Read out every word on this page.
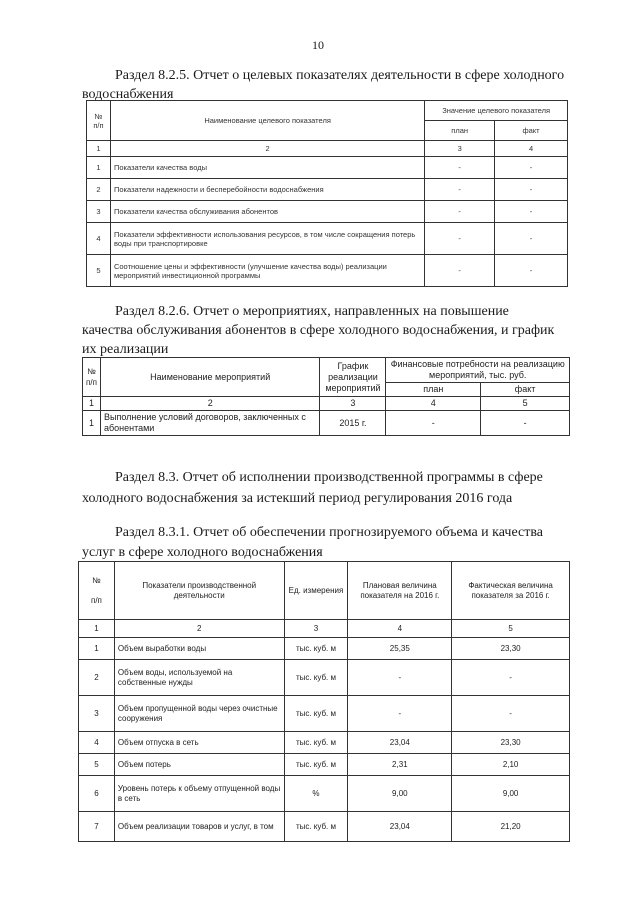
10
Раздел 8.2.5. Отчет о целевых показателях деятельности в сфере холодного
водоснабжения
№
п/п	Наименование целевого показателя	Значение целевого показателя	
		план	факт
1	2	3	4
1	Показатели качества воды	-	-
2	Показатели надежности и бесперебойности водоснабжения	-	-
3	Показатели качества обслуживания абонентов	-	-
4	Показатели эффективности использования ресурсов, в том числе сокращения потерь воды при транспортировке	-	-
5	Соотношение цены и эффективности (улучшение качества воды) реализации мероприятий инвестиционной программы	-	-
Раздел 8.2.6. Отчет о мероприятиях, направленных на повышение
качества обслуживания абонентов в сфере холодного водоснабжения, и график
их реализации
№
п/п	Наименование мероприятий	График
реализации
мероприятий	Финансовые потребности на реализацию
мероприятий, тыс. руб.	
			план	факт
1	2	3	4	5
1	Выполнение условий договоров, заключенных с абонентами	2015 г.	-	-
Раздел 8.3. Отчет об исполнении производственной программы в сфере
холодного водоснабжения за истекший период регулирования 2016 года
Раздел 8.3.1. Отчет об обеспечении прогнозируемого объема и качества
услуг в сфере холодного водоснабжения
№

п/п	Показатели производственной
деятельности	Ед. измерения	Плановая величина
показателя на 2016 г.	Фактическая величина
показателя за 2016 г.
1	2	3	4	5
1	Объем выработки воды	тыс. куб. м	25,35	23,30
2	Объем воды, используемой на собственные нужды	тыс. куб. м	-	-
3	Объем пропущенной воды через очистные сооружения	тыс. куб. м	-	-
4	Объем отпуска в сеть	тыс. куб. м	23,04	23,30
5	Объем потерь	тыс. куб. м	2,31	2,10
6	Уровень потерь к объему отпущенной воды в сеть	%	9,00	9,00
7	Объем реализации товаров и услуг, в том	тыс. куб. м	23,04	21,20
